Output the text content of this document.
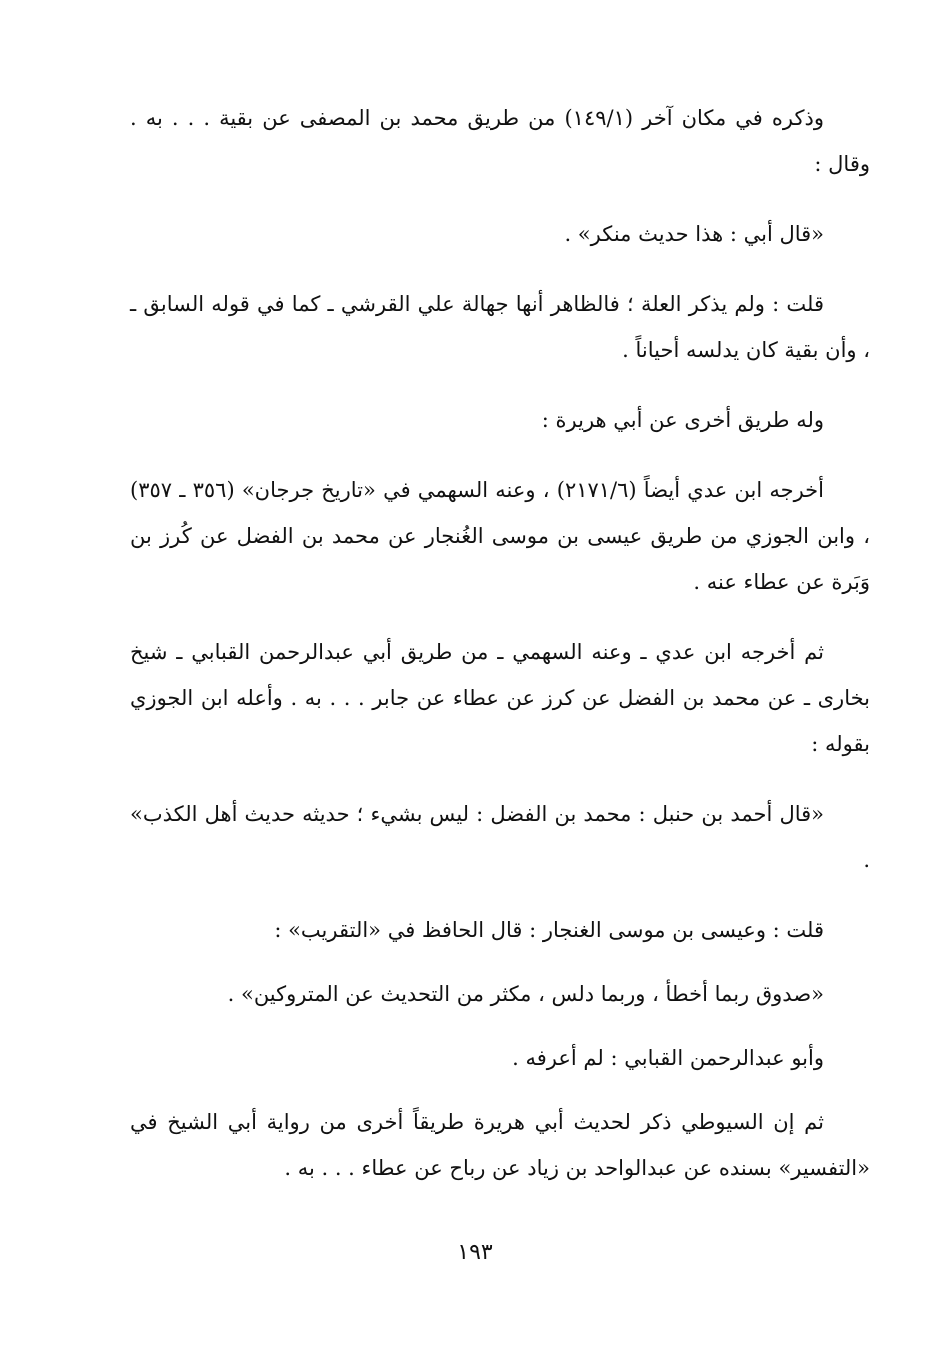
وذكره في مكان آخر (١٤٩/١) من طريق محمد بن المصفى عن بقية . . . به . وقال :

«قال أبي : هذا حديث منكر» .

قلت : ولم يذكر العلة ؛ فالظاهر أنها جهالة علي القرشي ـ كما في قوله السابق ـ ، وأن بقية كان يدلسه أحياناً .

وله طريق أخرى عن أبي هريرة :

أخرجه ابن عدي أيضاً (٢١٧١/٦) ، وعنه السهمي في «تاريخ جرجان» (٣٥٦ ـ ٣٥٧) ، وابن الجوزي من طريق عيسى بن موسى الغُنجار عن محمد بن الفضل عن كُرز بن وَبَرة عن عطاء عنه .

ثم أخرجه ابن عدي ـ وعنه السهمي ـ من طريق أبي عبدالرحمن القبابي ـ شيخ بخارى ـ عن محمد بن الفضل عن كرز عن عطاء عن جابر . . . به . وأعله ابن الجوزي بقوله :

«قال أحمد بن حنبل : محمد بن الفضل : ليس بشيء ؛ حديثه حديث أهل الكذب» .

قلت : وعيسى بن موسى الغنجار : قال الحافظ في «التقريب» :

«صدوق ربما أخطأ ، وربما دلس ، مكثر من التحديث عن المتروكين» .

وأبو عبدالرحمن القبابي : لم أعرفه .

ثم إن السيوطي ذكر لحديث أبي هريرة طريقاً أخرى من رواية أبي الشيخ في «التفسير» بسنده عن عبدالواحد بن زياد عن رباح عن عطاء . . . به .

١٩٣
